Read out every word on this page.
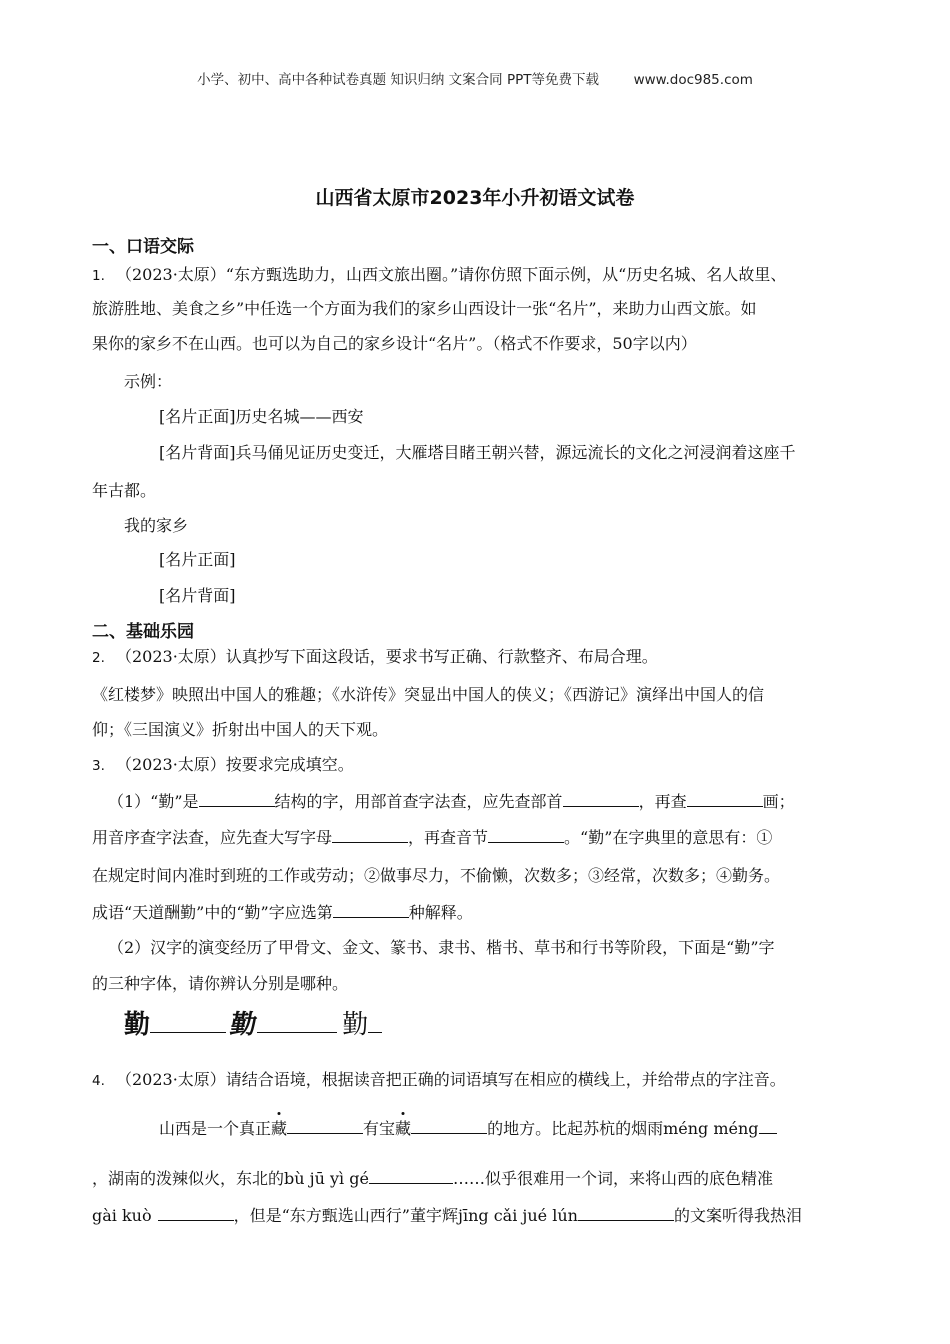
小学、初中、高中各种试卷真题 知识归纳 文案合同 PPT等免费下载	www.doc985.com
山西省太原市2023年小升初语文试卷
一、口语交际
1. （2023·太原）“东方甄选助力，山西文旅出圈。”请你仿照下面示例，从“历史名城、名人故里、
旅游胜地、美食之乡”中任选一个方面为我们的家乡山西设计一张“名片”，来助力山西文旅。如
果你的家乡不在山西。也可以为自己的家乡设计“名片”。（格式不作要求，50字以内）
示例：
[名片正面]历史名城——西安
[名片背面]兵马俑见证历史变迁，大雁塔目睹王朝兴替，源远流长的文化之河浸润着这座千
年古都。
我的家乡
[名片正面]
[名片背面]
二、基础乐园
2. （2023·太原）认真抄写下面这段话，要求书写正确、行款整齐、布局合理。
《红楼梦》映照出中国人的雅趣；《水浒传》突显出中国人的侠义；《西游记》演绎出中国人的信
仰；《三国演义》折射出中国人的天下观。
3. （2023·太原）按要求完成填空。
（1）“勤”是	结构的字，用部首查字法查，应先查部首	，再查	画；
用音序查字法查，应先查大写字母	，再查音节	。“勤”在字典里的意思有：①
在规定时间内准时到班的工作或劳动；②做事尽力，不偷懒，次数多；③经常，次数多；④勤务。
成语“天道酬勤”中的“勤”字应选第	种解释。
（2）汉字的演变经历了甲骨文、金文、篆书、隶书、楷书、草书和行书等阶段，下面是“勤”字
的三种字体，请你辨认分别是哪种。
勤	勤	勤
4. （2023·太原）请结合语境，根据读音把正确的词语填写在相应的横线上，并给带点的字注音。
山西是一个真正藏	有宝藏	的地方。比起苏杭的烟雨méng méng
，湖南的泼辣似火，东北的bù jū yì gé	……似乎很难用一个词，来将山西的底色精准
gài kuò	，但是“东方甄选山西行”董宇辉jīng cǎi jué lún	的文案听得我热泪
